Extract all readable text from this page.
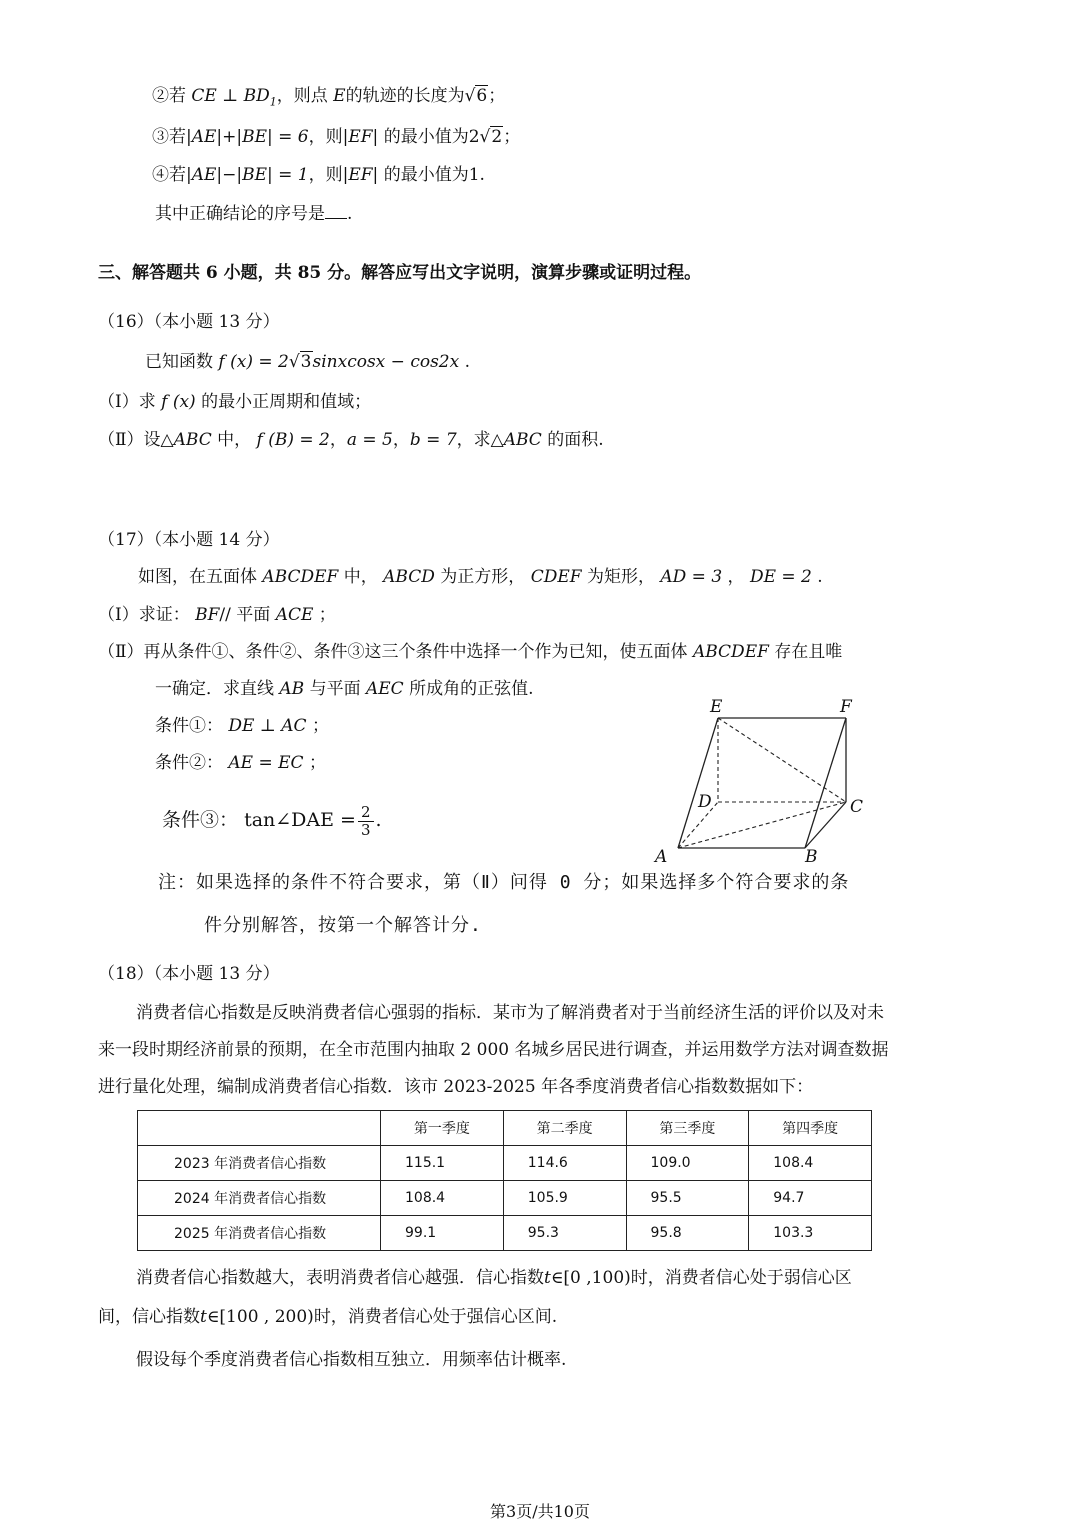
②若 CE ⊥ $BD_1$，则点 E的轨迹的长度为√6；
③若|AE|+|BE| = 6，则|EF| 的最小值为2√2；
④若|AE|−|BE| = 1，则|EF| 的最小值为1.
其中正确结论的序号是 .
三、解答题共 6 小题，共 85 分。解答应写出文字说明，演算步骤或证明过程。
（16）（本小题 13 分）
已知函数 f (x) = 2√3sinxcosx − cos2x .
（Ⅰ）求 f (x) 的最小正周期和值域；
（Ⅱ）设△ABC 中， f (B) = 2，a = 5，b = 7，求△ABC 的面积.
（17）（本小题 14 分）
如图，在五面体 ABCDEF 中， ABCD 为正方形， CDEF 为矩形， AD = 3 ， DE = 2 .
（Ⅰ）求证： BF// 平面 ACE ；
（Ⅱ）再从条件①、条件②、条件③这三个条件中选择一个作为已知，使五面体 ABCDEF 存在且唯
一确定．求直线 AB 与平面 AEC 所成角的正弦值.
条件①： DE ⊥ AC ；
条件②： AE = EC ；
条件③： tan∠DAE = $\frac{2}{3}$ .
E	F
D	C
A	B
注：如果选择的条件不符合要求，第（Ⅱ）问得 0 分；如果选择多个符合要求的条
件分别解答，按第一个解答计分.
（18）（本小题 13 分）
消费者信心指数是反映消费者信心强弱的指标．某市为了解消费者对于当前经济生活的评价以及对未
来一段时期经济前景的预期，在全市范围内抽取 2 000 名城乡居民进行调查，并运用数学方法对调查数据
进行量化处理，编制成消费者信心指数．该市 2023-2025 年各季度消费者信心指数数据如下：
	第一季度	第二季度	第三季度	第四季度
2023 年消费者信心指数	115.1	114.6	109.0	108.4
2024 年消费者信心指数	108.4	105.9	95.5	94.7
2025 年消费者信心指数	99.1	95.3	95.8	103.3
消费者信心指数越大，表明消费者信心越强．信心指数t∈[0 ,100)时，消费者信心处于弱信心区
间，信心指数t∈[100 , 200)时，消费者信心处于强信心区间.
假设每个季度消费者信心指数相互独立．用频率估计概率.
第3页/共10页
